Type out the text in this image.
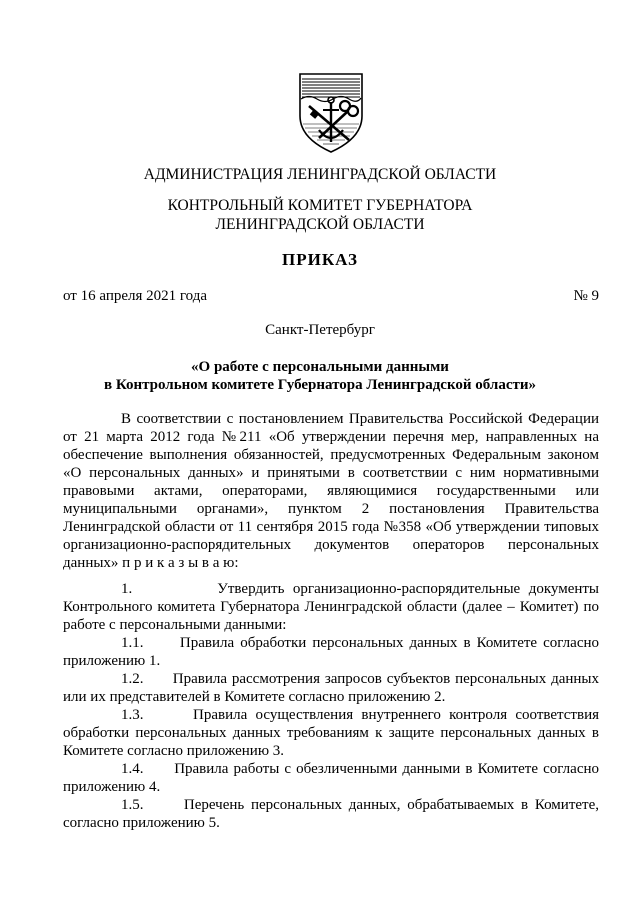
АДМИНИСТРАЦИЯ ЛЕНИНГРАДСКОЙ ОБЛАСТИ
КОНТРОЛЬНЫЙ КОМИТЕТ ГУБЕРНАТОРА
ЛЕНИНГРАДСКОЙ ОБЛАСТИ
ПРИКАЗ
от 16 апреля 2021 года	№ 9
Санкт-Петербург
«О работе с персональными данными
в Контрольном комитете Губернатора Ленинградской области»

В соответствии с постановлением Правительства Российской Федерации от 21 марта 2012 года №211 «Об утверждении перечня мер, направленных на обеспечение выполнения обязанностей, предусмотренных Федеральным законом «О персональных данных» и принятыми в соответствии с ним нормативными правовыми актами, операторами, являющимися государственными или муниципальными органами», пунктом 2 постановления Правительства Ленинградской области от 11 сентября 2015 года №358 «Об утверждении типовых организационно-распорядительных документов операторов персональных данных» п р и к а з ы в а ю:

1.	Утвердить организационно-распорядительные документы Контрольного комитета Губернатора Ленинградской области (далее – Комитет) по работе с персональными данными:

1.1. Правила обработки персональных данных в Комитете согласно приложению 1.

1.2. Правила рассмотрения запросов субъектов персональных данных или их представителей в Комитете согласно приложению 2.

1.3.	Правила осуществления внутреннего контроля соответствия обработки персональных данных требованиям к защите персональных данных в Комитете согласно приложению 3.

1.4. Правила работы с обезличенными данными в Комитете согласно приложению 4.

1.5.	Перечень персональных данных, обрабатываемых в Комитете, согласно приложению 5.
